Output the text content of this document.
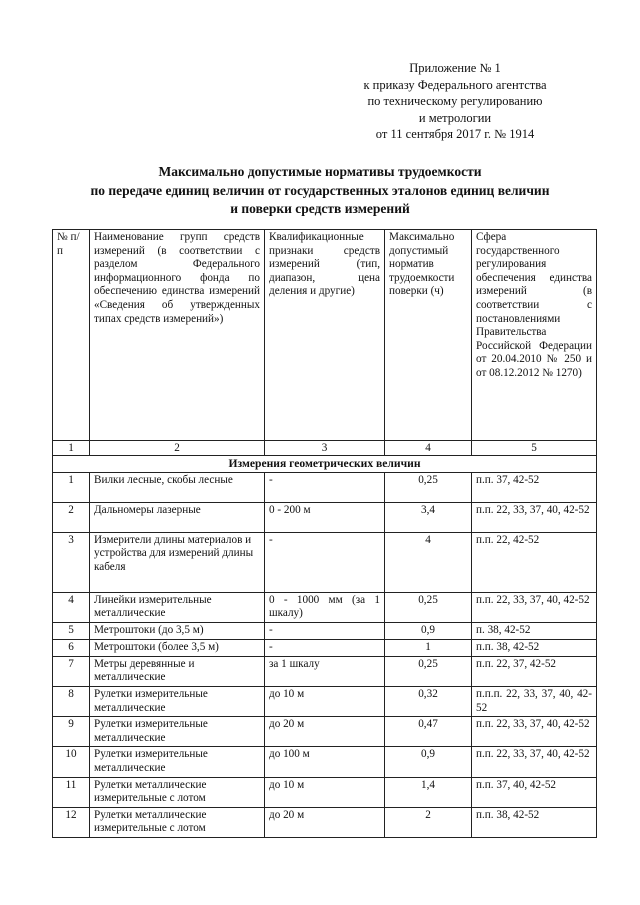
Приложение № 1
к приказу Федерального агентства
по техническому регулированию
и метрологии
от 11 сентября 2017 г. № 1914
Максимально допустимые нормативы трудоемкости
по передаче единиц величин от государственных эталонов единиц величин
и поверки средств измерений
№ п/п	Наименование групп средств измерений (в соответствии с разделом Федерального информационного фонда по обеспечению единства измерений «Сведения об утвержденных типах средств измерений»)	Квалификационные признаки средств измерений (тип, диапазон, цена деления и другие)	Максимально допустимый норматив трудоемкости поверки (ч)	Сфера государственного регулирования обеспечения единства измерений (в соответствии с постановлениями Правительства Российской Федерации от 20.04.2010 № 250 и от 08.12.2012 № 1270)
1	2	3	4	5
Измерения геометрических величин				
1	Вилки лесные, скобы лесные	-	0,25	п.п. 37, 42-52
2	Дальномеры лазерные	0 - 200 м	3,4	п.п. 22, 33, 37, 40, 42-52
3	Измерители длины материалов и устройства для измерений длины кабеля	-	4	п.п. 22, 42-52
4	Линейки измерительные металлические	0 - 1000 мм (за 1 шкалу)	0,25	п.п. 22, 33, 37, 40, 42-52
5	Метроштоки (до 3,5 м)	-	0,9	п. 38, 42-52
6	Метроштоки (более 3,5 м)	-	1	п.п. 38, 42-52
7	Метры деревянные и металлические	за 1 шкалу	0,25	п.п. 22, 37, 42-52
8	Рулетки измерительные металлические	до 10 м	0,32	п.п.п. 22, 33, 37, 40, 42-52
9	Рулетки измерительные металлические	до 20 м	0,47	п.п. 22, 33, 37, 40, 42-52
10	Рулетки измерительные металлические	до 100 м	0,9	п.п. 22, 33, 37, 40, 42-52
11	Рулетки металлические измерительные с лотом	до 10 м	1,4	п.п. 37, 40, 42-52
12	Рулетки металлические измерительные с лотом	до 20 м	2	п.п. 38, 42-52
